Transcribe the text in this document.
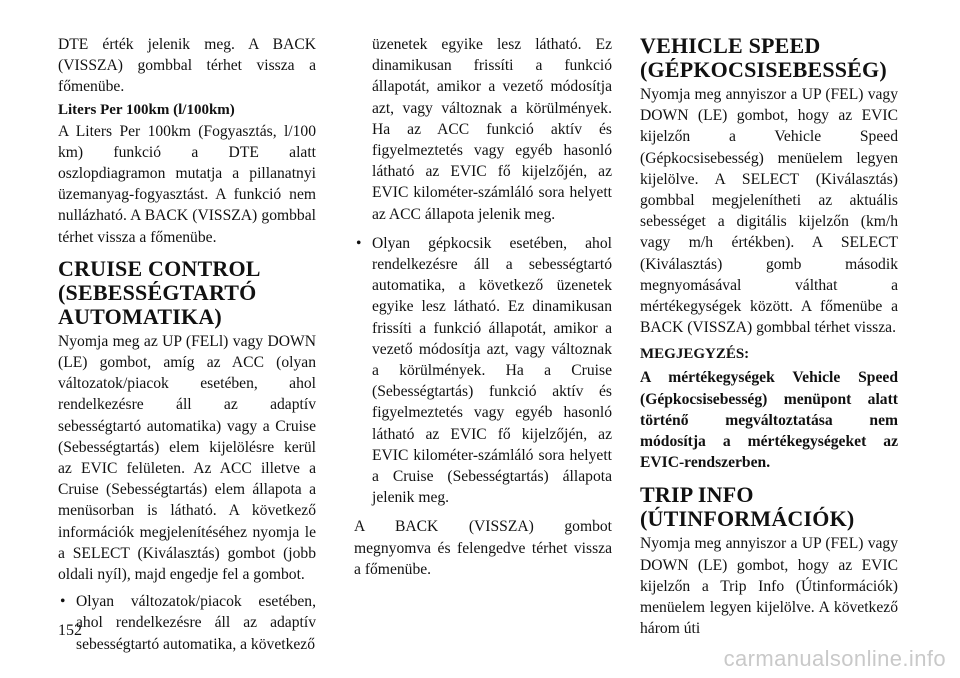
DTE érték jelenik meg. A BACK (VISSZA) gombbal térhet vissza a főmenübe.

Liters Per 100km (l/100km)

A Liters Per 100km (Fogyasztás, l/100 km) funkció a DTE alatt oszlopdiagramon mutatja a pillanatnyi üzemanyag-fogyasztást. A funkció nem nullázható. A BACK (VISSZA) gombbal térhet vissza a főmenübe.

CRUISE CONTROL (SEBESSÉGTARTÓ AUTOMATIKA)

Nyomja meg az UP (FELl) vagy DOWN (LE) gombot, amíg az ACC (olyan változatok/piacok esetében, ahol rendelkezésre áll az adaptív sebességtartó automatika) vagy a Cruise (Sebességtartás) elem kijelölésre kerül az EVIC felületen. Az ACC illetve a Cruise (Sebességtartás) elem állapota a menüsorban is látható. A következő információk megjelenítéséhez nyomja le a SELECT (Kiválasztás) gombot (jobb oldali nyíl), majd engedje fel a gombot.

• Olyan változatok/piacok esetében, ahol rendelkezésre áll az adaptív sebességtartó automatika, a következő

üzenetek egyike lesz látható. Ez dinamikusan frissíti a funkció állapotát, amikor a vezető módosítja azt, vagy változnak a körülmények. Ha az ACC funkció aktív és figyelmeztetés vagy egyéb hasonló látható az EVIC fő kijelzőjén, az EVIC kilométer-számláló sora helyett az ACC állapota jelenik meg.

• Olyan gépkocsik esetében, ahol rendelkezésre áll a sebességtartó automatika, a következő üzenetek egyike lesz látható. Ez dinamikusan frissíti a funkció állapotát, amikor a vezető módosítja azt, vagy változnak a körülmények. Ha a Cruise (Sebességtartás) funkció aktív és figyelmeztetés vagy egyéb hasonló látható az EVIC fő kijelzőjén, az EVIC kilométer-számláló sora helyett a Cruise (Sebességtartás) állapota jelenik meg.

A BACK (VISSZA) gombot megnyomva és felengedve térhet vissza a főmenübe.

VEHICLE SPEED (GÉPKOCSISEBESSÉG)

Nyomja meg annyiszor a UP (FEL) vagy DOWN (LE) gombot, hogy az EVIC kijelzőn a Vehicle Speed (Gépkocsisebesség) menüelem legyen kijelölve. A SELECT (Kiválasztás) gombbal megjelenítheti az aktuális sebességet a digitális kijelzőn (km/h vagy m/h értékben). A SELECT (Kiválasztás) gomb második megnyomásával válthat a mértékegységek között. A főmenübe a BACK (VISSZA) gombbal térhet vissza.

MEGJEGYZÉS:
A mértékegységek Vehicle Speed (Gépkocsisebesség) menüpont alatt történő megváltoztatása nem módosítja a mértékegységeket az EVIC-rendszerben.
TRIP INFO (ÚTINFORMÁCIÓK)

Nyomja meg annyiszor a UP (FEL) vagy DOWN (LE) gombot, hogy az EVIC kijelzőn a Trip Info (Útinformációk) menüelem legyen kijelölve. A következő három úti

152
carmanualsonline.info
